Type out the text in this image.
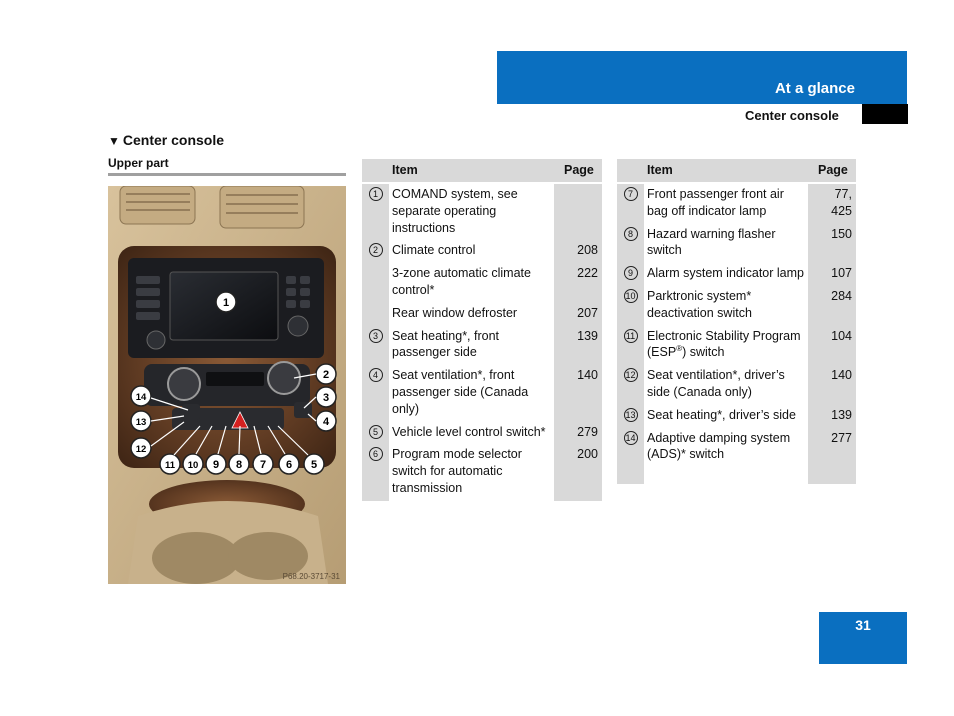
At a glance
Center console
▼ Center console
Upper part
1
2
3
4
5
6
7
8
9
10
11
12
13
14
P68.20-3717-31
	Item	Page
1	COMAND system, see separate operating instructions	
2	Climate control	208
	3-zone automatic climate control*	222
	Rear window defroster	207
3	Seat heating*, front passenger side	139
4	Seat ventilation*, front passenger side (Canada only)	140
5	Vehicle level control switch*	279
6	Program mode selector switch for automatic transmission	200
	Item	Page
7	Front passenger front air bag off indicator lamp	77, 425
8	Hazard warning flasher switch	150
9	Alarm system indicator lamp	107
10	Parktronic system* deactivation switch	284
11	Electronic Stability Program (ESP®) switch	104
12	Seat ventilation*, driver’s side (Canada only)	140
13	Seat heating*, driver’s side	139
14	Adaptive damping system (ADS)* switch	277
31
